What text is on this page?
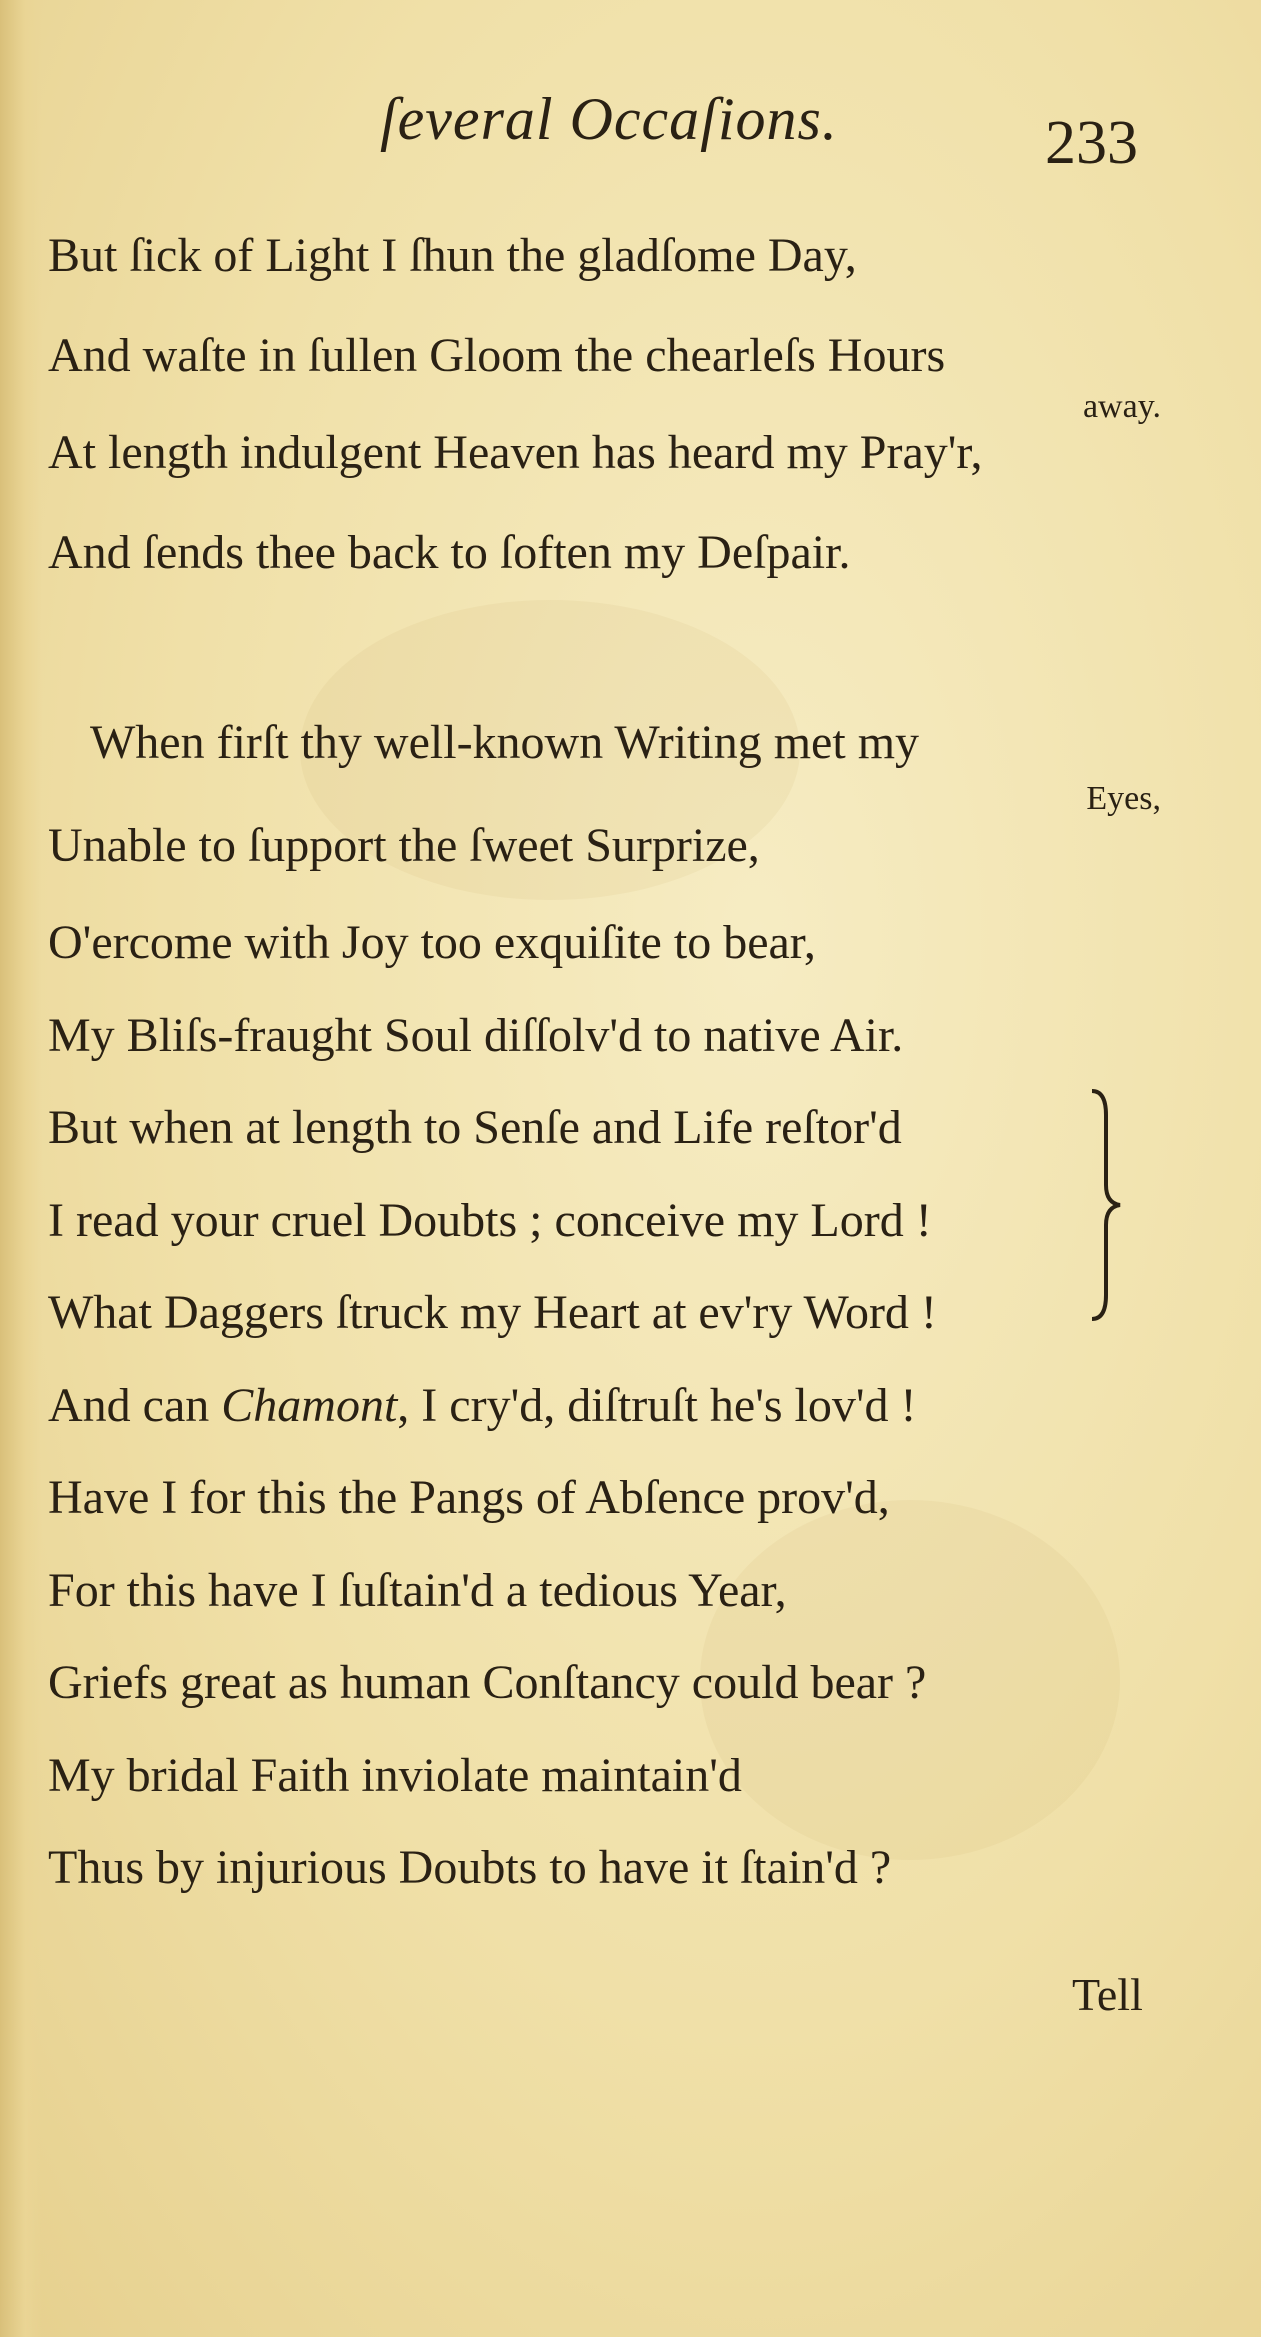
ſeveral Occaſions.	233
But ſick of Light I ſhun the gladſome Day,
And waſte in ſullen Gloom the chearleſs Hours
away.
At length indulgent Heaven has heard my Pray'r,
And ſends thee back to ſoften my Deſpair.
When firſt thy well-known Writing met my
Eyes,
Unable to ſupport the ſweet Surprize,
O'ercome with Joy too exquiſite to bear,
My Bliſs-fraught Soul diſſolv'd to native Air.
But when at length to Senſe and Life reſtor'd
I read your cruel Doubts ; conceive my Lord !
What Daggers ſtruck my Heart at ev'ry Word !
And can Chamont, I cry'd, diſtruſt he's lov'd !
Have I for this the Pangs of Abſence prov'd,
For this have I ſuſtain'd a tedious Year,
Griefs great as human Conſtancy could bear ?
My bridal Faith inviolate maintain'd
Thus by injurious Doubts to have it ſtain'd ?
Tell
